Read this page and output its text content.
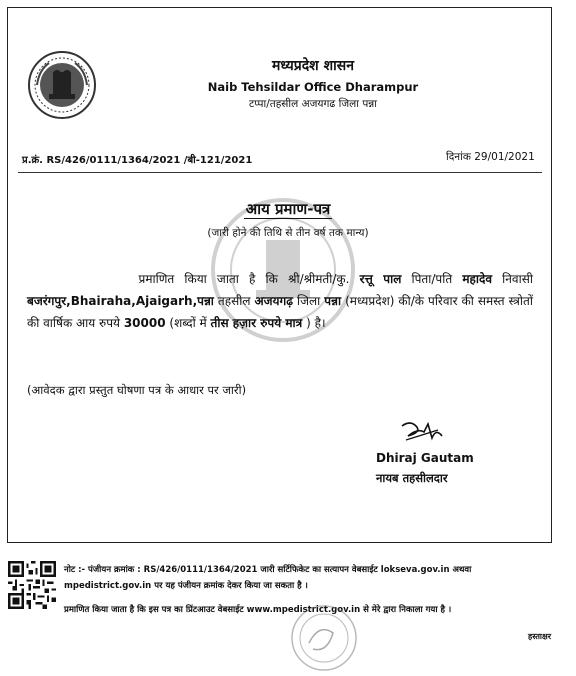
मध्यप्रदेश शासन
Naib Tehsildar Office Dharampur
टप्पा/तहसील अजयगढ जिला पन्ना
प्र.क्रं. RS/426/0111/1364/2021 /बी-121/2021	दिनांक 29/01/2021
आय प्रमाण-पत्र
(जारी होने की तिथि से तीन वर्ष तक मान्य)
प्रमाणित किया जाता है कि श्री/श्रीमती/कु. रत्तू पाल पिता/पति महादेव निवासी बजरंगपुर,Bhairaha,Ajaigarh,पन्ना तहसील अजयगढ़ जिला पन्ना (मध्यप्रदेश) की/के परिवार की समस्त स्त्रोतों की वार्षिक आय रुपये 30000 (शब्दों में तीस हज़ार रुपये मात्र ) है।
(आवेदक द्वारा प्रस्तुत घोषणा पत्र के आधार पर जारी)
Dhiraj Gautam
नायब तहसीलदार
नोट :- पंजीयन क्रमांक : RS/426/0111/1364/2021 जारी सर्टिफिकेट का सत्यापन वेबसाईट lokseva.gov.in अथवा
mpedistrict.gov.in पर यह पंजीयन क्रमांक देकर किया जा सकता है ।
प्रमाणित किया जाता है कि इस पत्र का प्रिंटआउट वेबसाईट www.mpedistrict.gov.in से मेरे द्वारा निकाला गया है ।
हस्ताक्षर
